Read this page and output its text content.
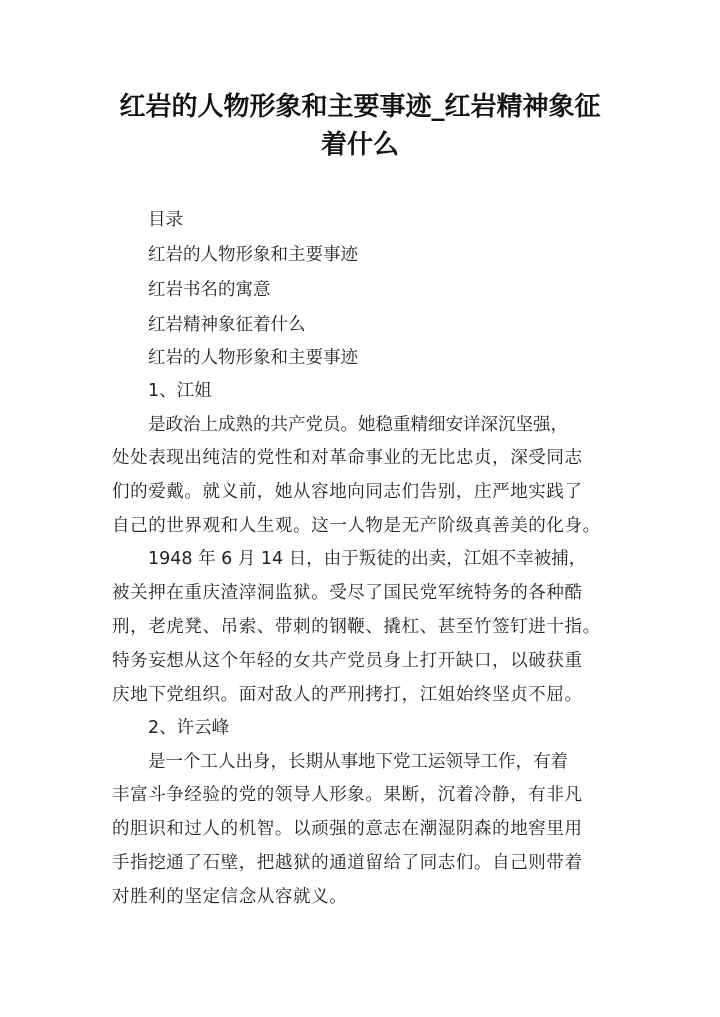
红岩的人物形象和主要事迹_红岩精神象征
着什么
目录
红岩的人物形象和主要事迹
红岩书名的寓意
红岩精神象征着什么
红岩的人物形象和主要事迹
1、江姐
是政治上成熟的共产党员。她稳重精细安详深沉坚强，
处处表现出纯洁的党性和对革命事业的无比忠贞，深受同志
们的爱戴。就义前，她从容地向同志们告别，庄严地实践了
自己的世界观和人生观。这一人物是无产阶级真善美的化身。
1948 年 6 月 14 日，由于叛徒的出卖，江姐不幸被捕，
被关押在重庆渣滓洞监狱。受尽了国民党军统特务的各种酷
刑，老虎凳、吊索、带刺的钢鞭、撬杠、甚至竹签钉进十指。
特务妄想从这个年轻的女共产党员身上打开缺口，以破获重
庆地下党组织。面对敌人的严刑拷打，江姐始终坚贞不屈。
2、许云峰
是一个工人出身，长期从事地下党工运领导工作，有着
丰富斗争经验的党的领导人形象。果断，沉着冷静，有非凡
的胆识和过人的机智。以顽强的意志在潮湿阴森的地窖里用
手指挖通了石壁，把越狱的通道留给了同志们。自己则带着
对胜利的坚定信念从容就义。
